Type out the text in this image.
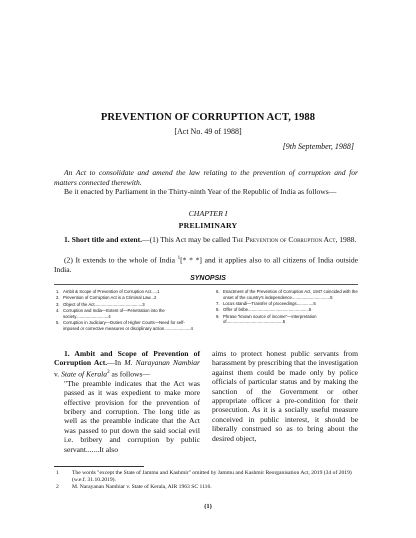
PREVENTION OF CORRUPTION ACT, 1988
[Act No. 49 of 1988]
[9th September, 1988]
An Act to consolidate and amend the law relating to the prevention of corruption and for matters connected therewith.
Be it enacted by Parliament in the Thirty-ninth Year of the Republic of India as follows—
CHAPTER I
PRELIMINARY
1. Short title and extent.—(1) This Act may be called The Prevention of Corruption Act, 1988.
(2) It extends to the whole of India $^1$[* * *] and it applies also to all citizens of India outside India.
SYNOPSIS
1. Ambit & Scope of Prevention of Corruption Act.....1
2. Prevention of Corruption Act is a Criminal Law...2
3. Object of the Act........................................3
4. Corruption and India—Extent of—Penetration into the society...........................4
5. Corruption in Judiciary—Duties of Higher Courts—Need for self-imposed or corrective measures or disciplinary action......................4
6. Enactment of the Prevention of Corruption Act, 1947 coincided with the onset of the country's independence................................5
7. Locus standi—Transfer of proceedings..............5
8. Offer of bribe...................................................5
9. Phrase "known source of income"—interpretation of...............................................5
1. Ambit and Scope of Prevention of Corruption Act.—In M. Narayanan Nambiar v. State of Kerala$^2$ as follows—
"The preamble indicates that the Act was passed as it was expedient to make more effective provision for the prevention of bribery and corruption. The long title as well as the preamble indicate that the Act was passed to put down the said social evil i.e. bribery and corruption by public servant.......It also
aims to protect honest public servants from harassment by prescribing that the investigation against them could be made only by police officials of particular status and by making the sanction of the Government or other appropriate officer a pre-condition for their prosecution. As it is a socially useful measure conceived in public interest, it should be liberally construed so as to bring about the desired object,
1	The words "except the State of Jammu and Kashmir" omitted by Jammu and Kashmir Reorganisation Act, 2019 (34 of 2019) (w.e.f. 31.10.2019).
2	M. Narayanan Nambiar v. State of Kerala, AIR 1963 SC 1116.
(1)
